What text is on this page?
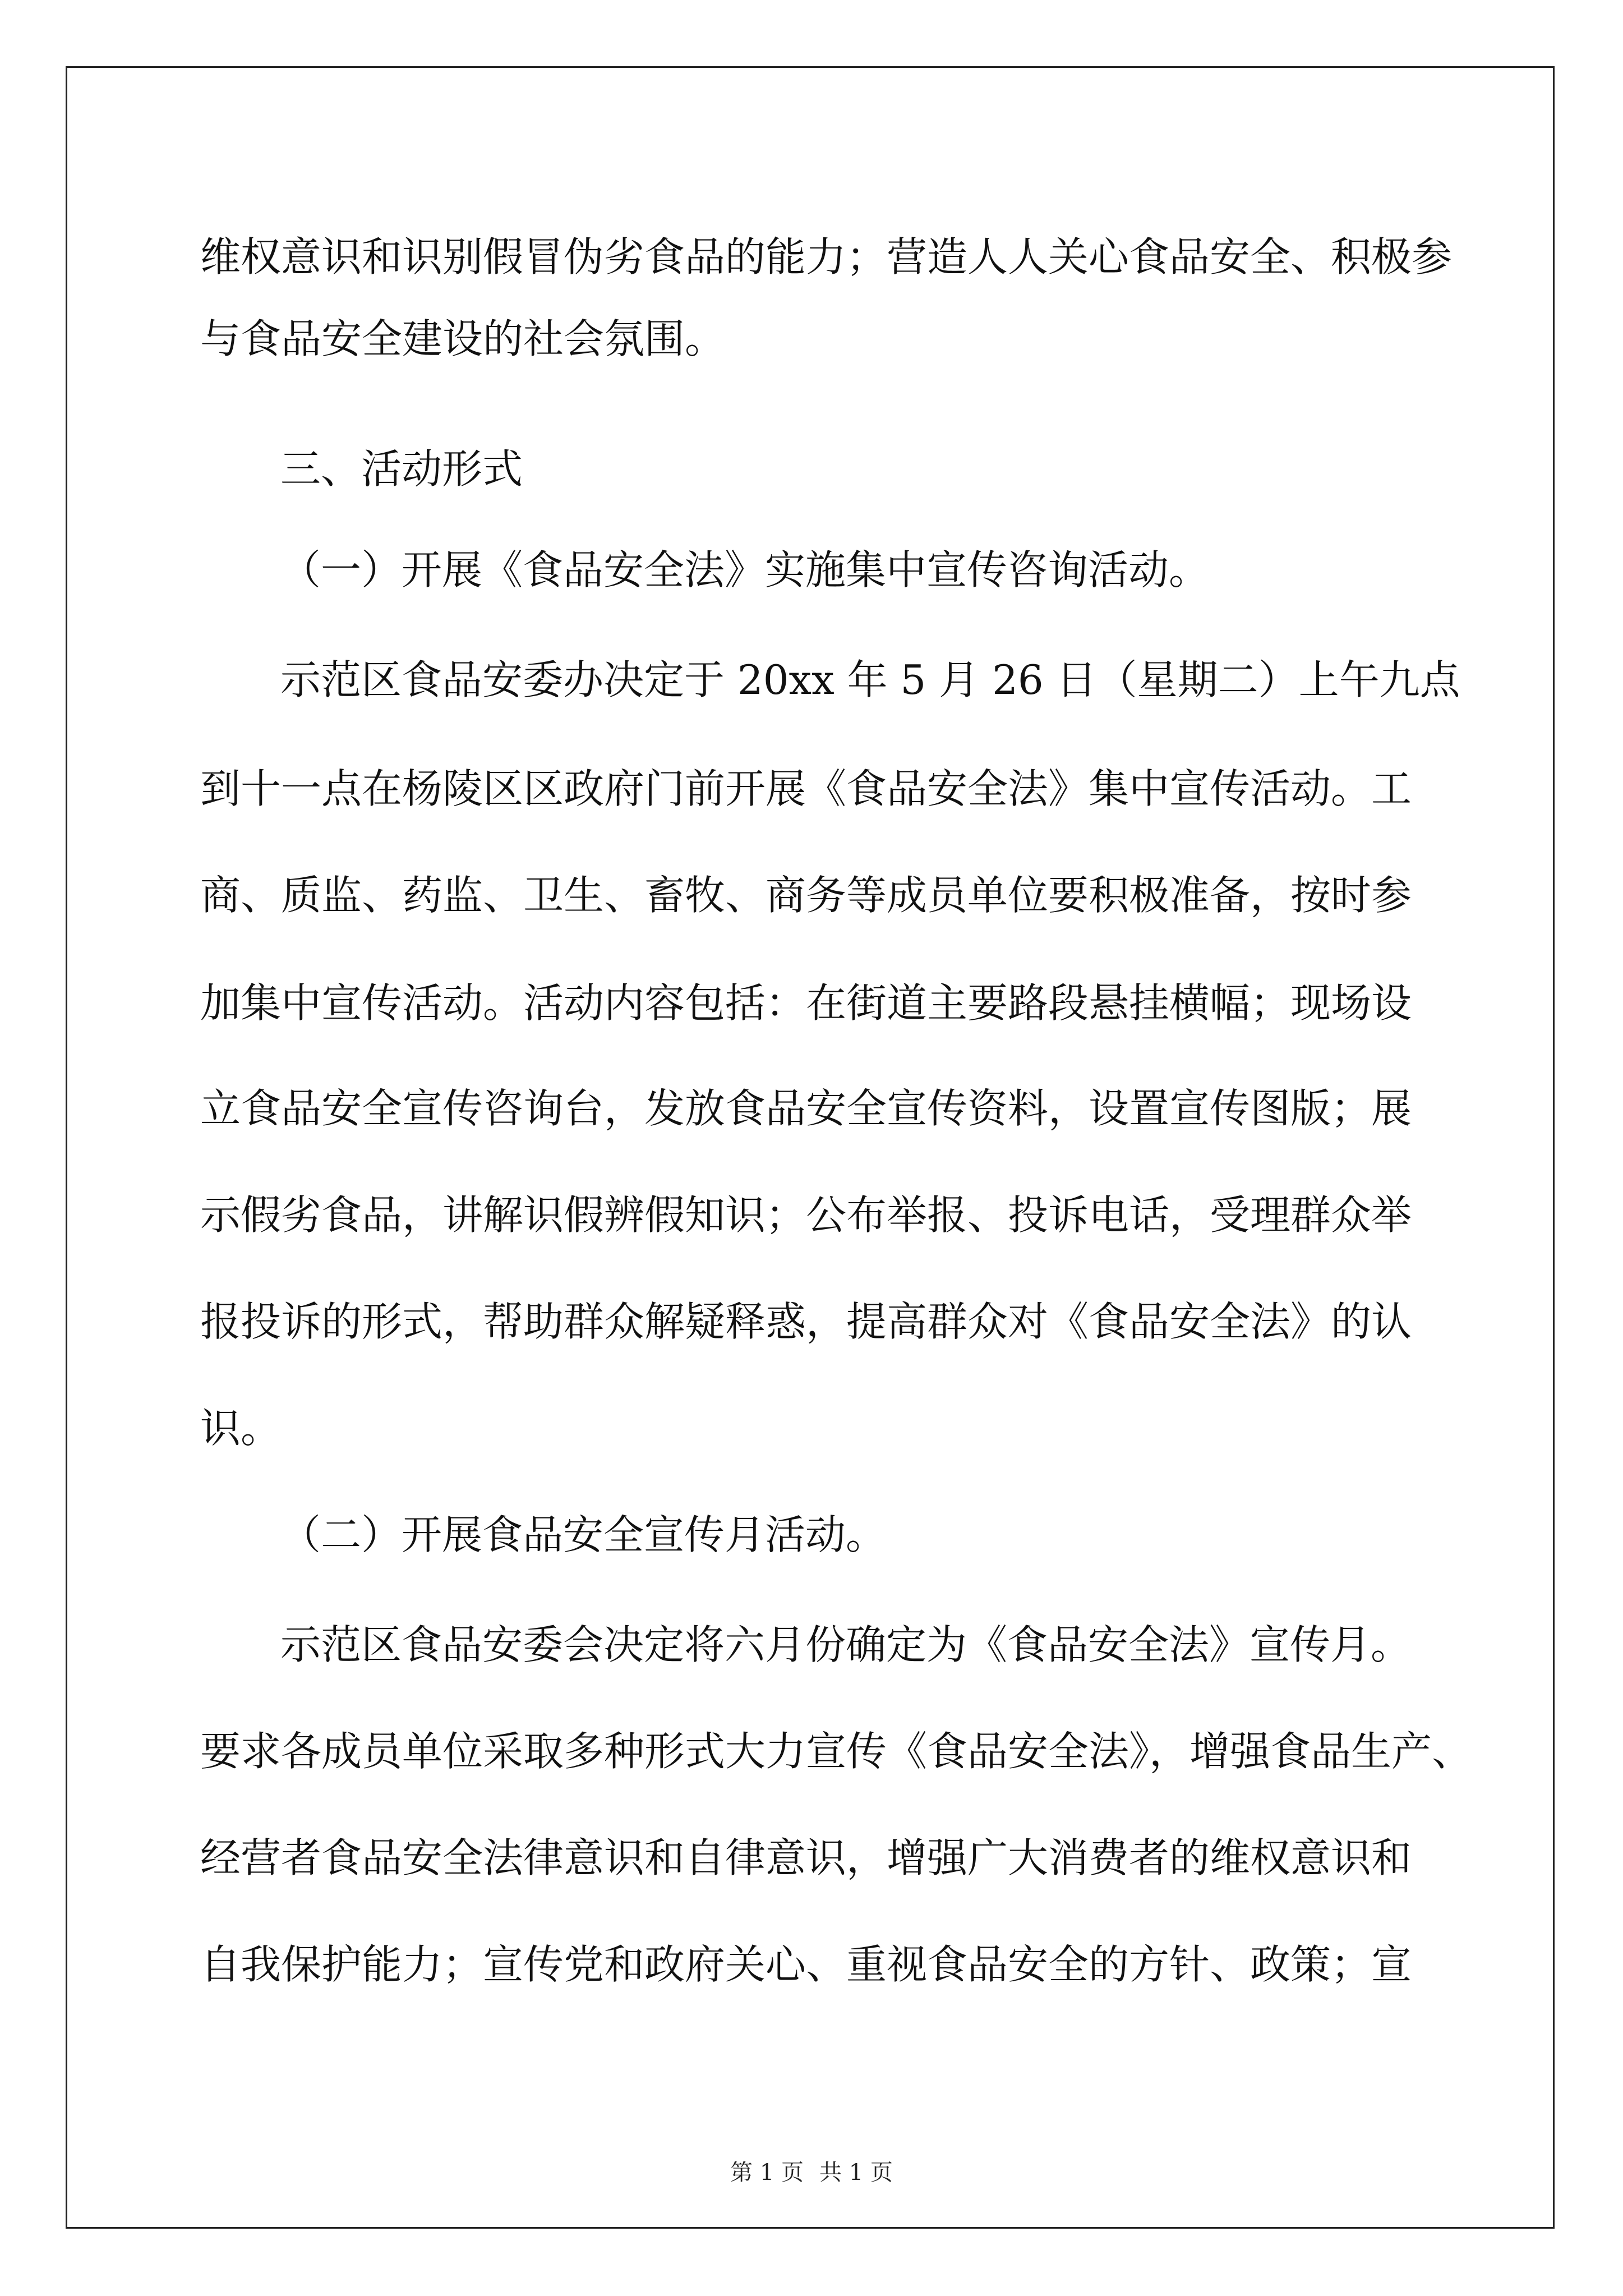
维权意识和识别假冒伪劣食品的能力；营造人人关心食品安全、积极参
与食品安全建设的社会氛围。
三、活动形式
（一）开展《食品安全法》实施集中宣传咨询活动。
示范区食品安委办决定于 20xx 年 5 月 26 日（星期二）上午九点
到十一点在杨陵区区政府门前开展《食品安全法》集中宣传活动。工
商、质监、药监、卫生、畜牧、商务等成员单位要积极准备，按时参
加集中宣传活动。活动内容包括：在街道主要路段悬挂横幅；现场设
立食品安全宣传咨询台，发放食品安全宣传资料，设置宣传图版；展
示假劣食品，讲解识假辨假知识；公布举报、投诉电话，受理群众举
报投诉的形式，帮助群众解疑释惑，提高群众对《食品安全法》的认
识。
（二）开展食品安全宣传月活动。
示范区食品安委会决定将六月份确定为《食品安全法》宣传月。
要求各成员单位采取多种形式大力宣传《食品安全法》，增强食品生产、
经营者食品安全法律意识和自律意识，增强广大消费者的维权意识和
自我保护能力；宣传党和政府关心、重视食品安全的方针、政策；宣
第 1 页 共 1 页
